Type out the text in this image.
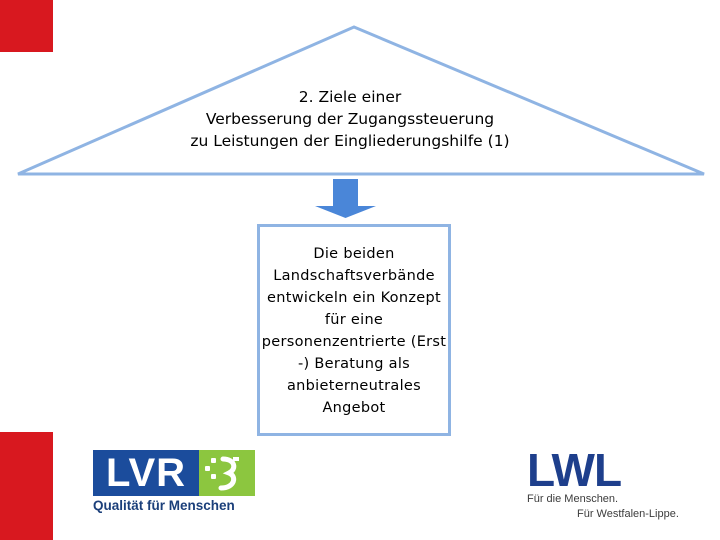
2. Ziele einer
Verbesserung der Zugangssteuerung
zu Leistungen der Eingliederungshilfe (1)
Die beiden
Landschaftsverbände
entwickeln ein Konzept
für eine
personenzentrierte (Erst
-) Beratung als
anbieterneutrales
Angebot
LVR
Qualität für Menschen
LWL
Für die Menschen.
Für Westfalen-Lippe.
